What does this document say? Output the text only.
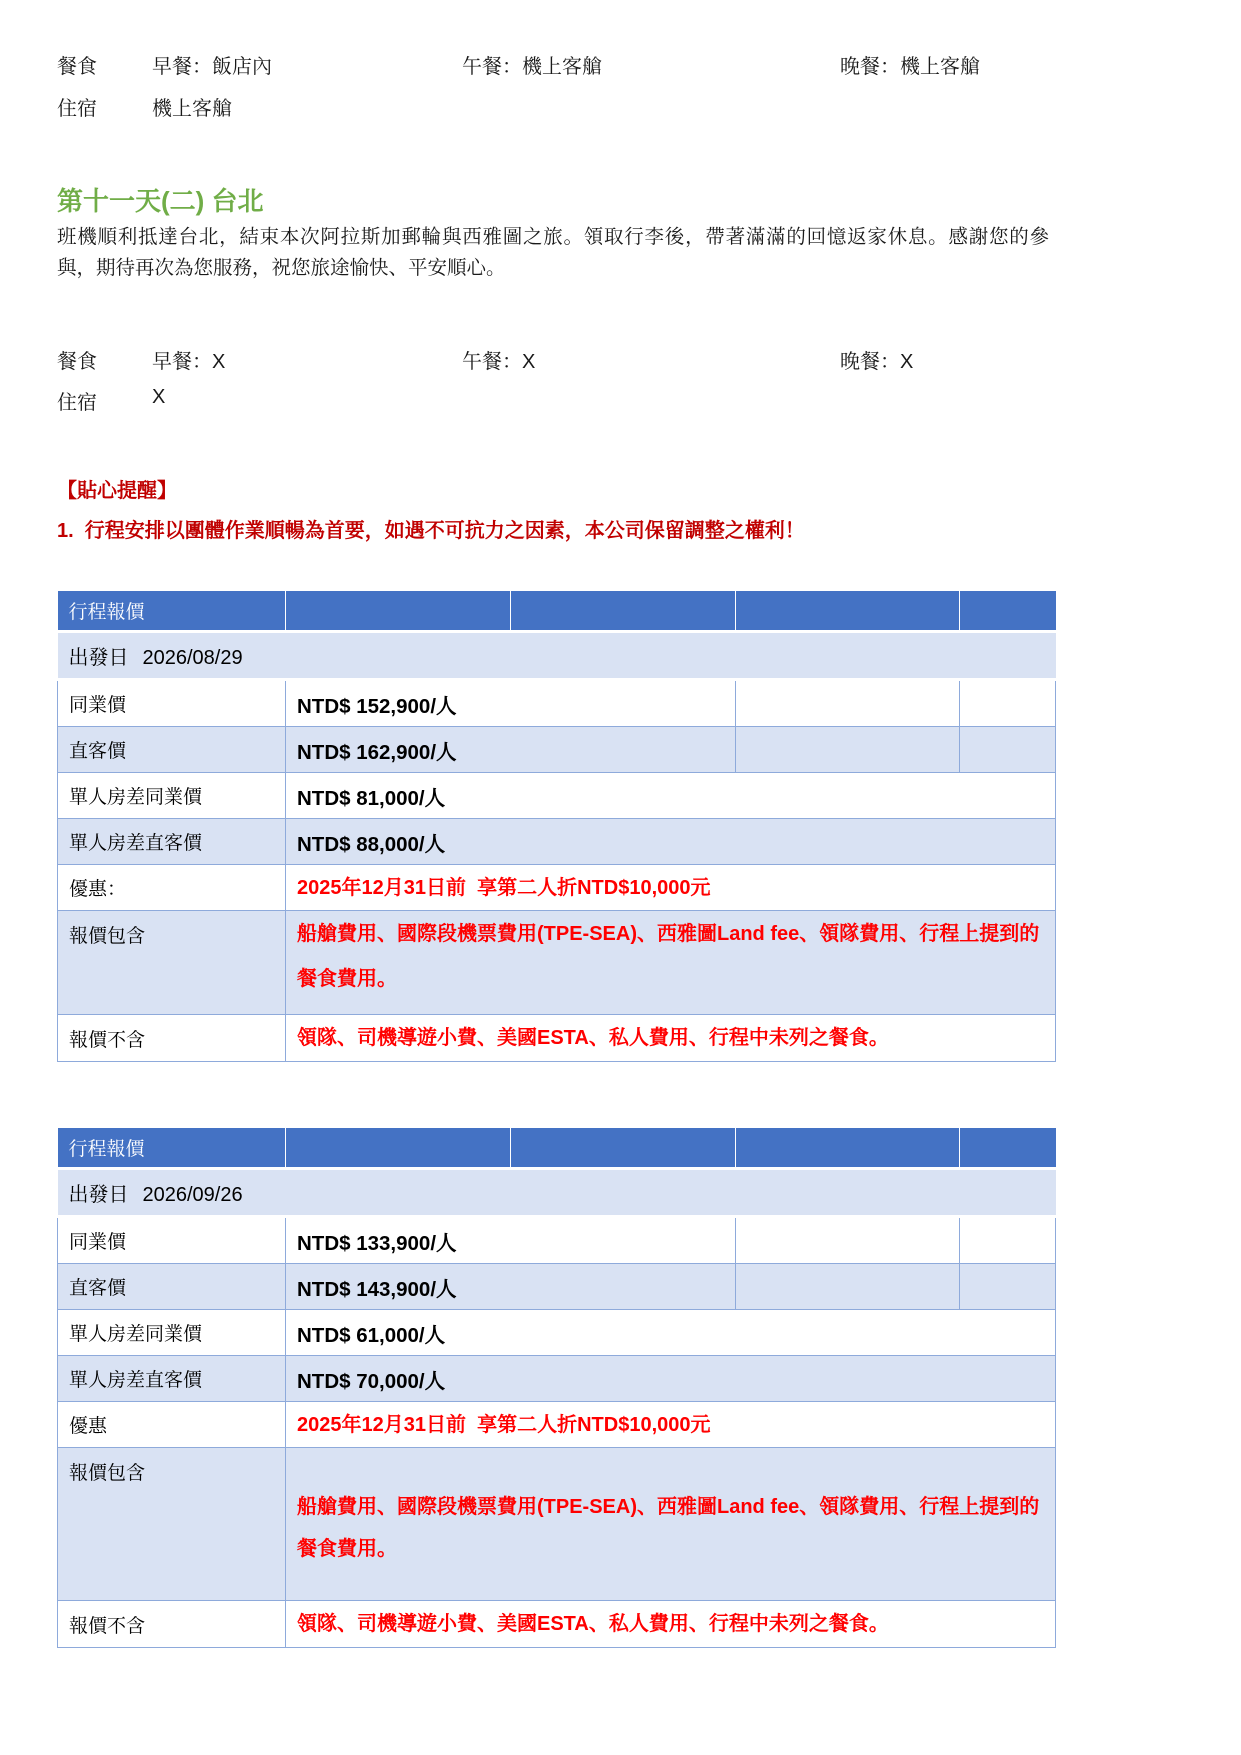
餐食	早餐：飯店內	午餐：機上客艙	晚餐：機上客艙
住宿	機上客艙
第十一天(二) 台北

班機順利抵達台北，結束本次阿拉斯加郵輪與西雅圖之旅。領取行李後，帶著滿滿的回憶返家休息。感謝您的參與，期待再次為您服務，祝您旅途愉快、平安順心。

餐食	早餐：X	午餐：X	晚餐：X
住宿	X
【貼心提醒】
1.  行程安排以團體作業順暢為首要，如遇不可抗力之因素，本公司保留調整之權利！
行程報價				
出發日 2026/08/29				
同業價	NTD$ 152,900/人			
直客價	NTD$ 162,900/人			
單人房差同業價	NTD$ 81,000/人			
單人房差直客價	NTD$ 88,000/人			
優惠：	2025年12月31日前  享第二人折NTD$10,000元			
報價包含	船艙費用、國際段機票費用(TPE-SEA)、西雅圖Land fee、領隊費用、行程上提到的餐食費用。			
報價不含	領隊、司機導遊小費、美國ESTA、私人費用、行程中未列之餐食。			
行程報價				
出發日 2026/09/26				
同業價	NTD$ 133,900/人			
直客價	NTD$ 143,900/人			
單人房差同業價	NTD$ 61,000/人			
單人房差直客價	NTD$ 70,000/人			
優惠	2025年12月31日前  享第二人折NTD$10,000元			
報價包含	船艙費用、國際段機票費用(TPE-SEA)、西雅圖Land fee、領隊費用、行程上提到的餐食費用。			
報價不含	領隊、司機導遊小費、美國ESTA、私人費用、行程中未列之餐食。			
